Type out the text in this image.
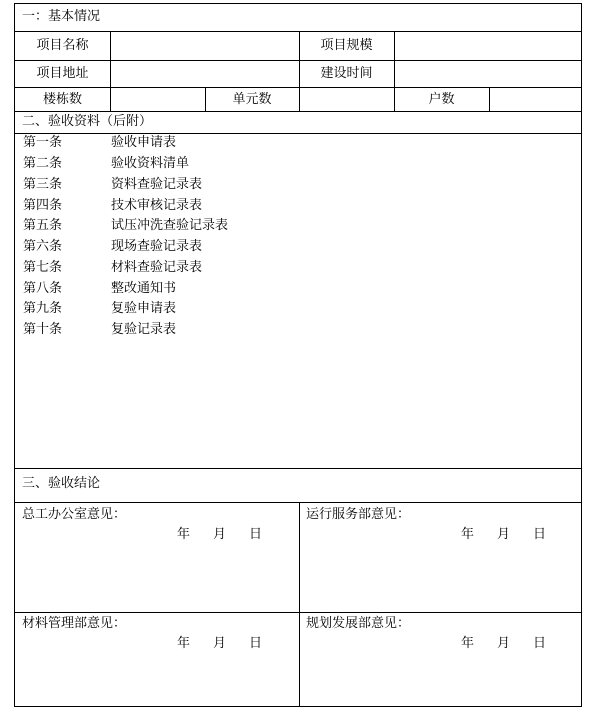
一：基本情况
项目名称	项目规模
项目地址	建设时间
楼栋数	单元数	户数
二、验收资料（后附）
第一条	验收申请表
第二条	验收资料清单
第三条	资料查验记录表
第四条	技术审核记录表
第五条	试压冲洗查验记录表
第六条	现场查验记录表
第七条	材料查验记录表
第八条	整改通知书
第九条	复验申请表
第十条	复验记录表
三、验收结论
总工办公室意见：
年 月 日
运行服务部意见：
年 月 日
材料管理部意见：
年 月 日
规划发展部意见：
年 月 日
